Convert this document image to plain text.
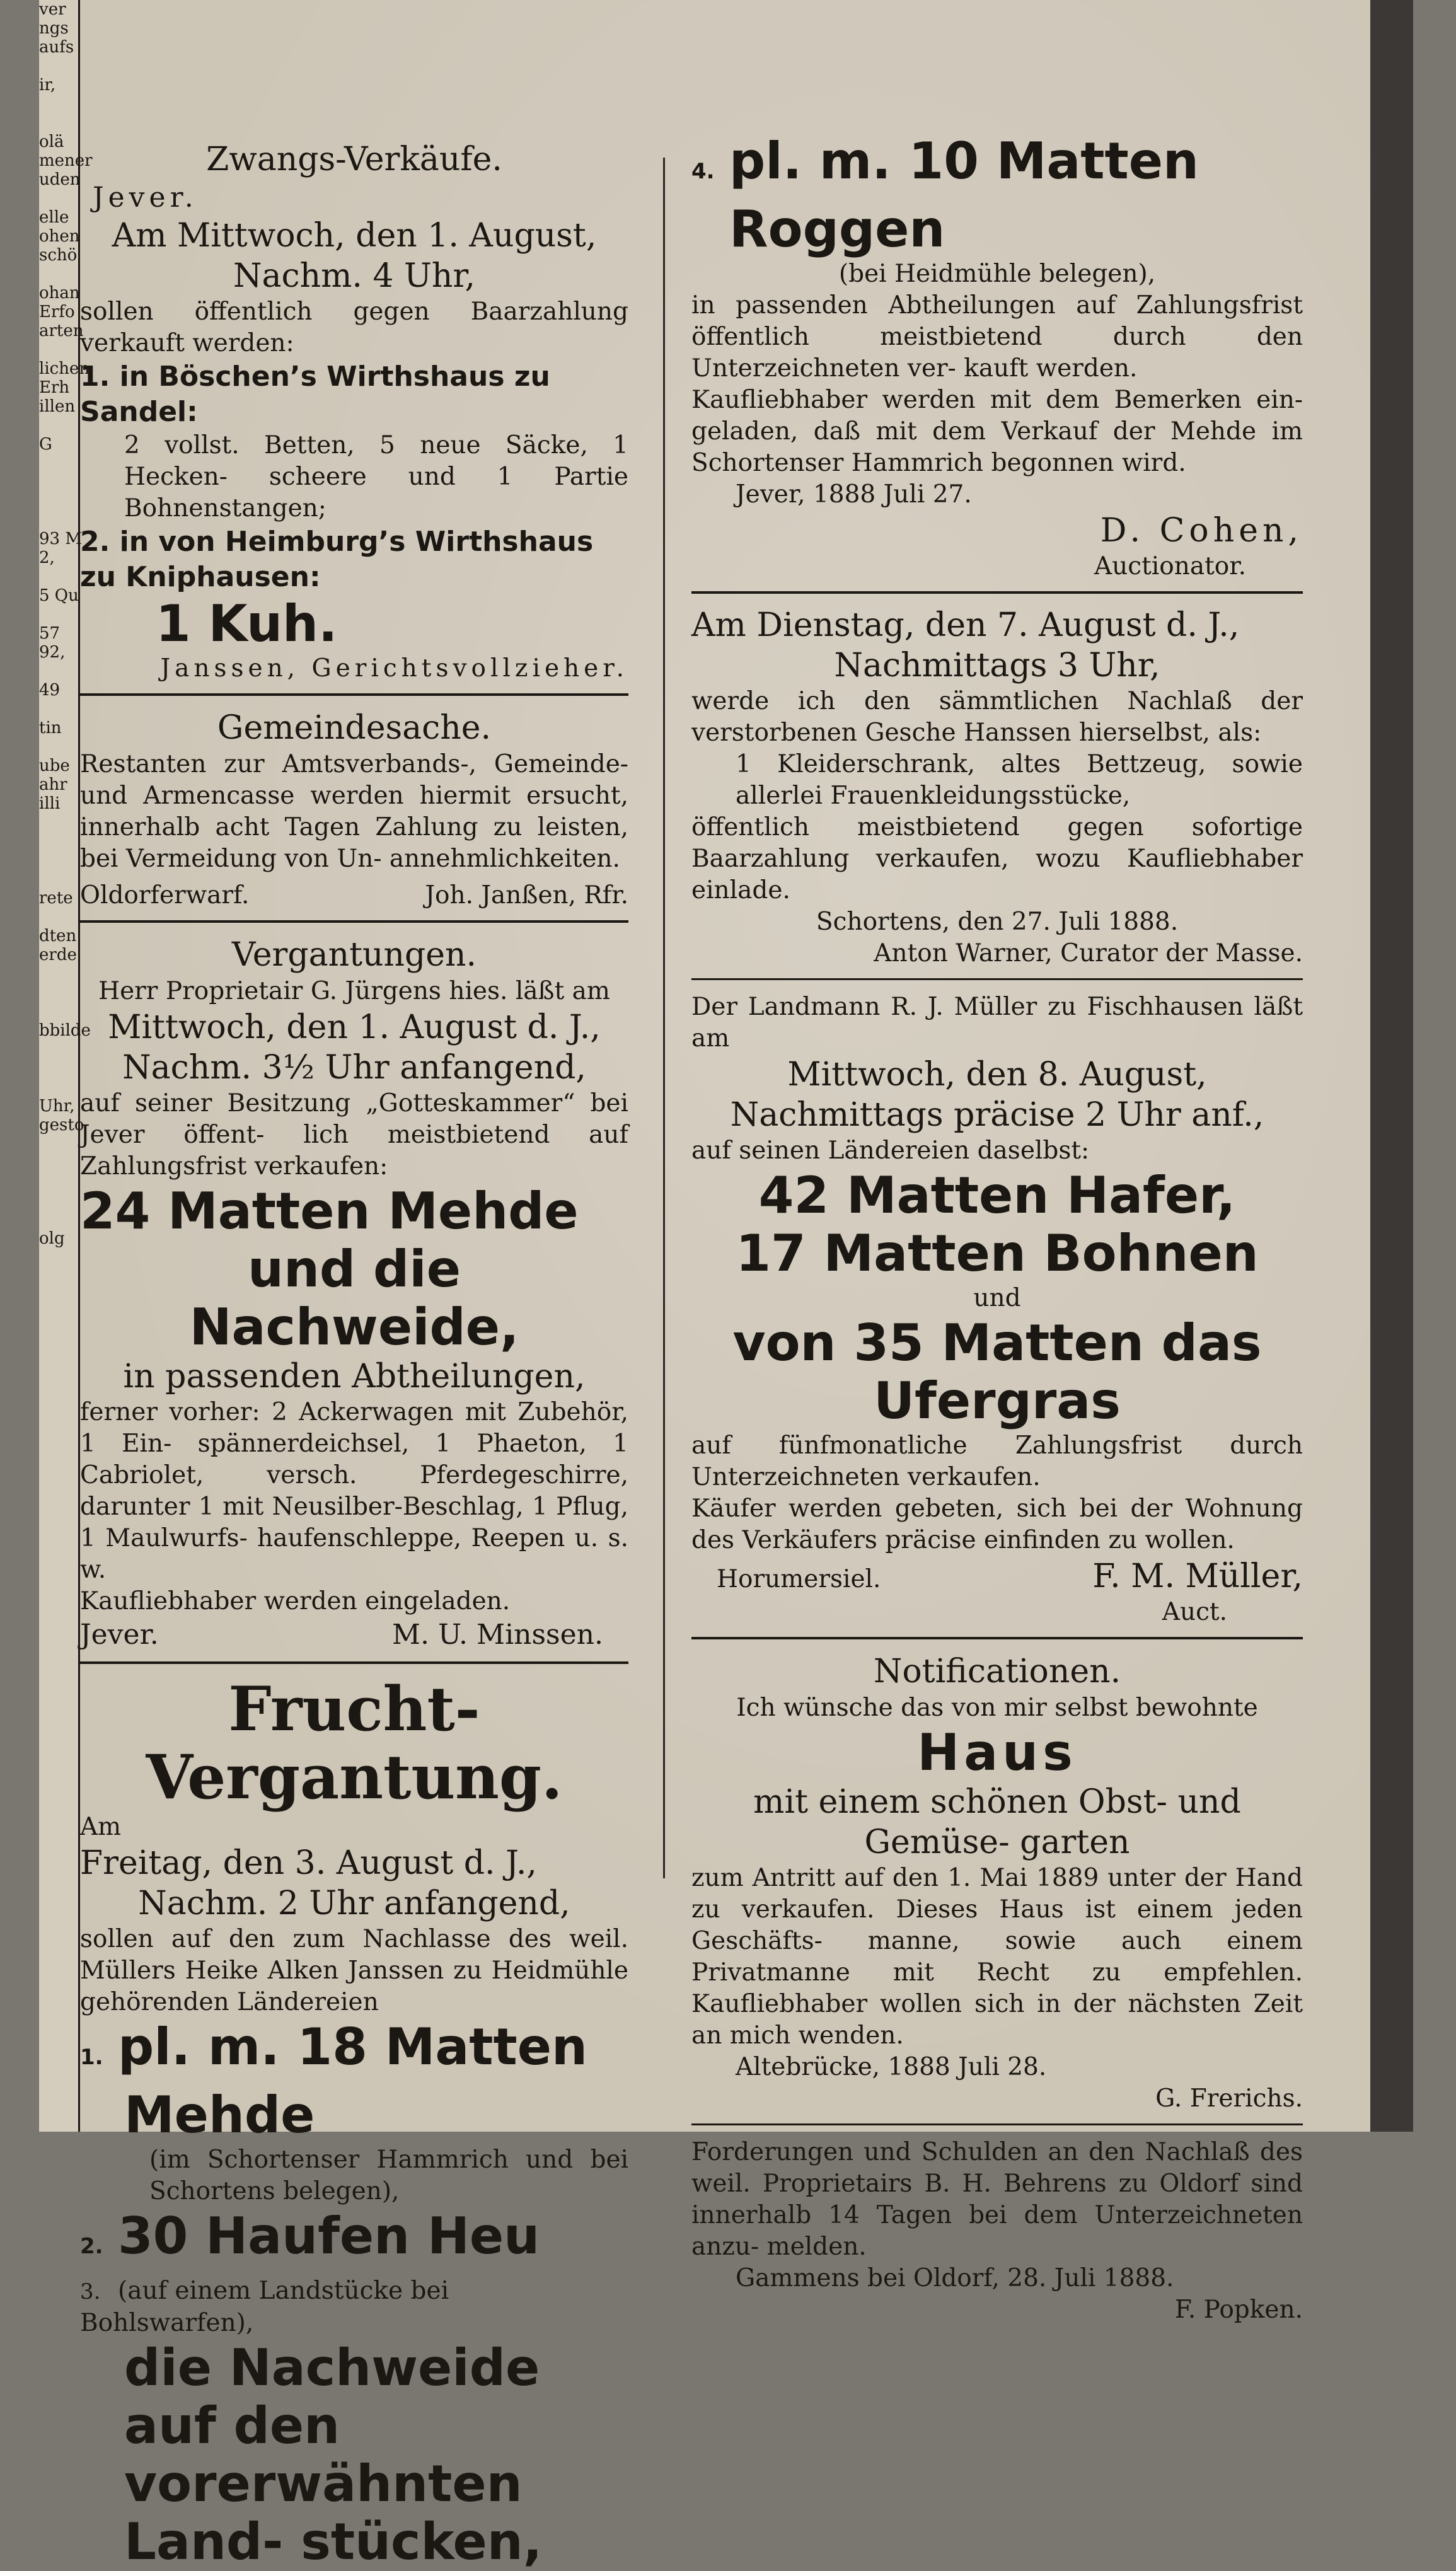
ver
ngs
aufs

ir,

olä
mener
uden

elle
ohen
schö

ohan
Erfo
arten

lichen
Erh
illen

G

93 M
2,

5 Qu

57
92,

49

tin

ube
ahr
illi

rete

dten
erde

bbilde

Uhr,
gesto

olg

Zwangs-Verkäufe.

Jever.

Am Mittwoch, den 1. August,

Nachm. 4 Uhr,

sollen öffentlich gegen Baarzahlung verkauft werden:

1. in Böschen’s Wirthshaus zu Sandel:

2 vollst. Betten, 5 neue Säcke, 1 Hecken- scheere und 1 Partie Bohnenstangen;

2. in von Heimburg’s Wirthshaus zu Kniphausen:

1 Kuh.

Janssen, Gerichtsvollzieher.

Gemeindesache.

Restanten zur Amtsverbands-, Gemeinde- und Armencasse werden hiermit ersucht, innerhalb acht Tagen Zahlung zu leisten, bei Vermeidung von Un- annehmlichkeiten.

Oldorferwarf.	Joh. Janßen, Rfr.

Vergantungen.

Herr Proprietair G. Jürgens hies. läßt am

Mittwoch, den 1. August d. J.,

Nachm. 3½ Uhr anfangend,

auf seiner Besitzung „Gotteskammer“ bei Jever öffent- lich meistbietend auf Zahlungsfrist verkaufen:

24 Matten Mehde

und die Nachweide,

in passenden Abtheilungen,

ferner vorher: 2 Ackerwagen mit Zubehör, 1 Ein- spännerdeichsel, 1 Phaeton, 1 Cabriolet, versch. Pferdegeschirre, darunter 1 mit Neusilber-Beschlag, 1 Pflug, 1 Maulwurfs- haufenschleppe, Reepen u. s. w.

Kaufliebhaber werden eingeladen.

Jever.	M. U. Minssen.

Frucht-Vergantung.

Am

Freitag, den 3. August d. J.,

Nachm. 2 Uhr anfangend,

sollen auf den zum Nachlasse des weil. Müllers Heike Alken Janssen zu Heidmühle gehörenden Ländereien

1. pl. m. 18 Matten

Mehde

(im Schortenser Hammrich und bei Schortens belegen),

2. 30 Haufen Heu

3. (auf einem Landstücke bei Bohlswarfen),

die Nachweide auf den vorerwähnten Land- stücken,

4. pl. m. 10 Matten

Roggen

(bei Heidmühle belegen),

in passenden Abtheilungen auf Zahlungsfrist öffentlich meistbietend durch den Unterzeichneten ver- kauft werden.

Kaufliebhaber werden mit dem Bemerken ein- geladen, daß mit dem Verkauf der Mehde im Schortenser Hammrich begonnen wird.

Jever, 1888 Juli 27.

D. Cohen,

Auctionator.

Am Dienstag, den 7. August d. J.,

Nachmittags 3 Uhr,

werde ich den sämmtlichen Nachlaß der verstorbenen Gesche Hanssen hierselbst, als:

1 Kleiderschrank, altes Bettzeug, sowie allerlei Frauenkleidungsstücke,

öffentlich meistbietend gegen sofortige Baarzahlung verkaufen, wozu Kaufliebhaber einlade.

Schortens, den 27. Juli 1888.

Anton Warner, Curator der Masse.

Der Landmann R. J. Müller zu Fischhausen läßt am

Mittwoch, den 8. August,

Nachmittags präcise 2 Uhr anf.,

auf seinen Ländereien daselbst:

42 Matten Hafer,

17 Matten Bohnen

und

von 35 Matten das

Ufergras

auf fünfmonatliche Zahlungsfrist durch Unterzeichneten verkaufen.

Käufer werden gebeten, sich bei der Wohnung des Verkäufers präcise einfinden zu wollen.

Horumersiel.	F. M. Müller,

Auct.

Notificationen.

Ich wünsche das von mir selbst bewohnte

Haus

mit einem schönen Obst- und Gemüse- garten

zum Antritt auf den 1. Mai 1889 unter der Hand zu verkaufen. Dieses Haus ist einem jeden Geschäfts- manne, sowie auch einem Privatmanne mit Recht zu empfehlen. Kaufliebhaber wollen sich in der nächsten Zeit an mich wenden.

Altebrücke, 1888 Juli 28.

G. Frerichs.

Forderungen und Schulden an den Nachlaß des weil. Proprietairs B. H. Behrens zu Oldorf sind innerhalb 14 Tagen bei dem Unterzeichneten anzu- melden.

Gammens bei Oldorf, 28. Juli 1888.

F. Popken.
